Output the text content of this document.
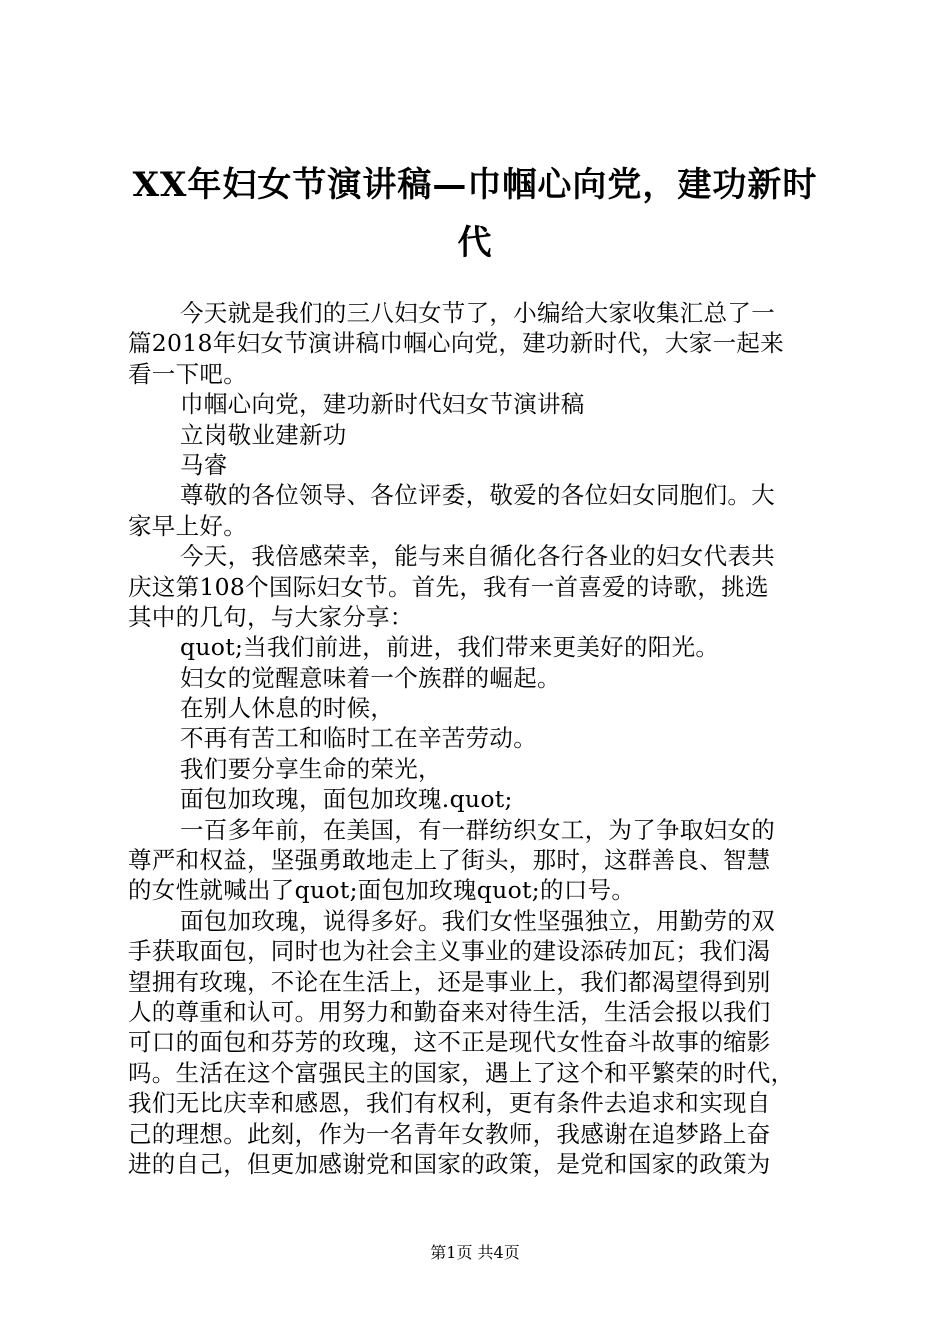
XX年妇女节演讲稿—巾帼心向党，建功新时
代
今天就是我们的三八妇女节了，小编给大家收集汇总了一
篇2018年妇女节演讲稿巾帼心向党，建功新时代，大家一起来
看一下吧。
巾帼心向党，建功新时代妇女节演讲稿
立岗敬业建新功
马睿
尊敬的各位领导、各位评委，敬爱的各位妇女同胞们。大
家早上好。
今天，我倍感荣幸，能与来自循化各行各业的妇女代表共
庆这第108个国际妇女节。首先，我有一首喜爱的诗歌，挑选
其中的几句，与大家分享：
quot;当我们前进，前进，我们带来更美好的阳光。
妇女的觉醒意味着一个族群的崛起。
在别人休息的时候，
不再有苦工和临时工在辛苦劳动。
我们要分享生命的荣光，
面包加玫瑰，面包加玫瑰.quot;
一百多年前，在美国，有一群纺织女工，为了争取妇女的
尊严和权益，坚强勇敢地走上了街头，那时，这群善良、智慧
的女性就喊出了quot;面包加玫瑰quot;的口号。
面包加玫瑰，说得多好。我们女性坚强独立，用勤劳的双
手获取面包，同时也为社会主义事业的建设添砖加瓦；我们渴
望拥有玫瑰，不论在生活上，还是事业上，我们都渴望得到别
人的尊重和认可。用努力和勤奋来对待生活，生活会报以我们
可口的面包和芬芳的玫瑰，这不正是现代女性奋斗故事的缩影
吗。生活在这个富强民主的国家，遇上了这个和平繁荣的时代，
我们无比庆幸和感恩，我们有权利，更有条件去追求和实现自
己的理想。此刻，作为一名青年女教师，我感谢在追梦路上奋
进的自己，但更加感谢党和国家的政策，是党和国家的政策为
第1页 共4页
